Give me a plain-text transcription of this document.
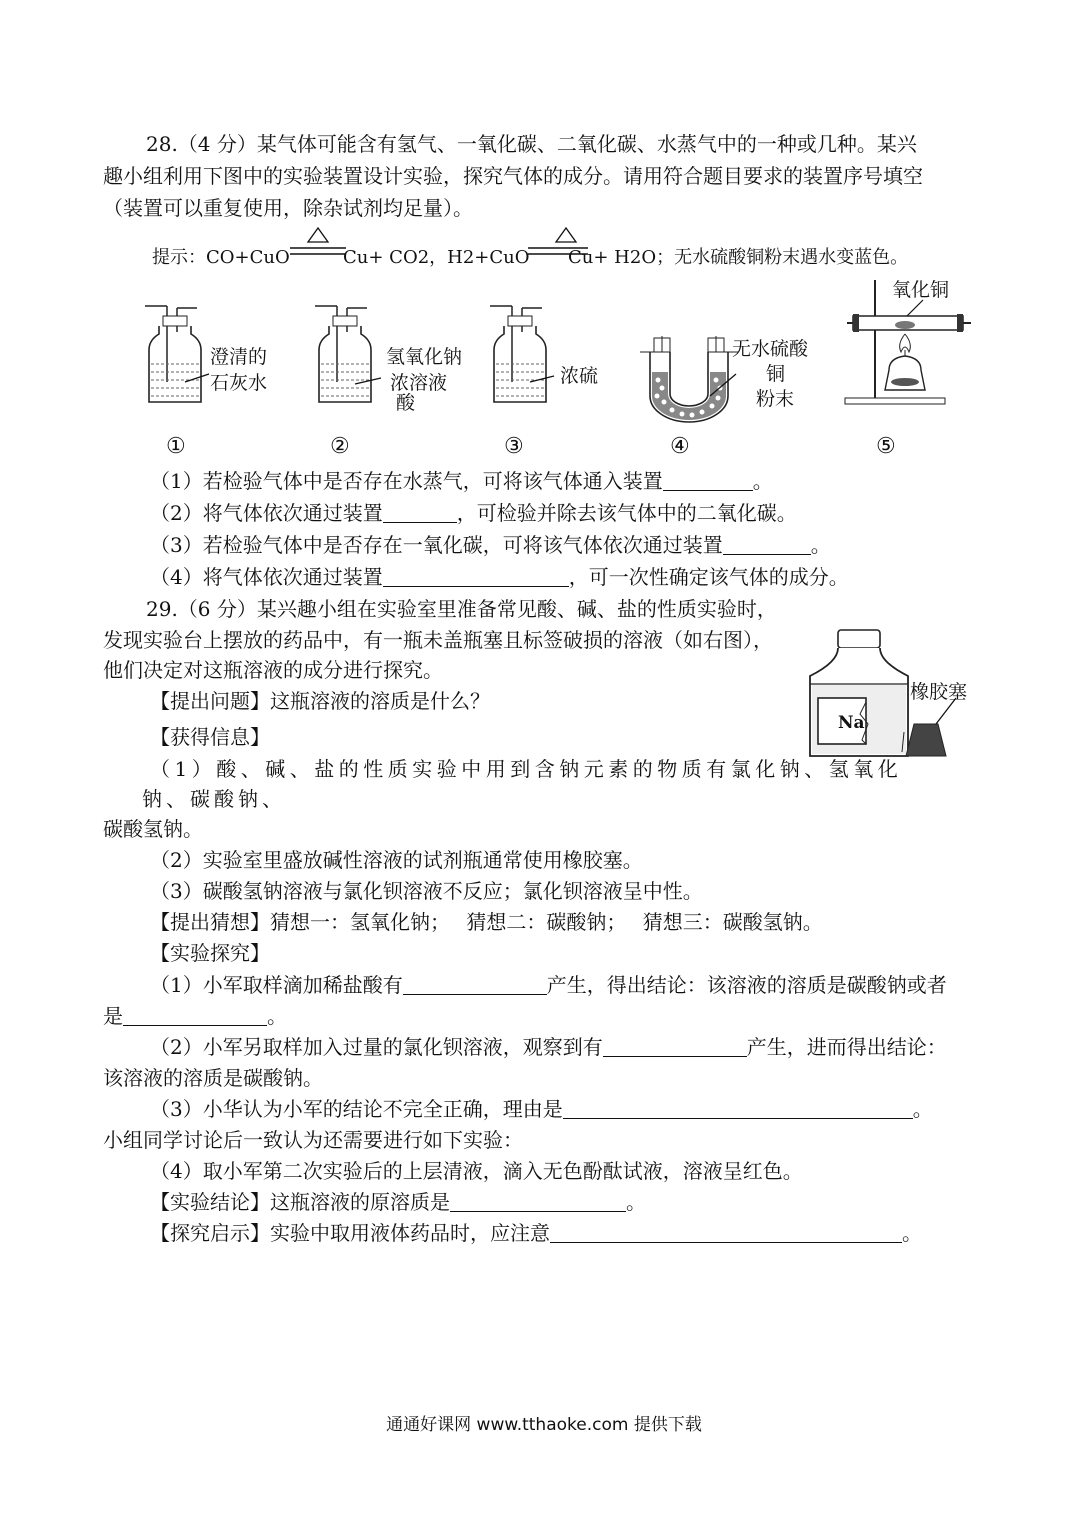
28.（4 分）某气体可能含有氢气、一氧化碳、二氧化碳、水蒸气中的一种或几种。某兴
趣小组利用下图中的实验装置设计实验，探究气体的成分。请用符合题目要求的装置序号填空
（装置可以重复使用，除杂试剂均足量）。
提示：CO+CuO	Cu+ CO2，H2+CuO Cu+ H2O；无水硫酸铜粉末遇水变蓝色。
澄清的
石灰水
氢氧化钠
浓溶液
酸
浓硫
无水硫酸
铜
粉末
氧化铜
①	②	③	④	⑤
（1）若检验气体中是否存在水蒸气，可将该气体通入装置	。
（2）将气体依次通过装置	，可检验并除去该气体中的二氧化碳。
（3）若检验气体中是否存在一氧化碳，可将该气体依次通过装置	。
（4）将气体依次通过装置	，可一次性确定该气体的成分。
29.（6 分）某兴趣小组在实验室里准备常见酸、碱、盐的性质实验时，
发现实验台上摆放的药品中，有一瓶未盖瓶塞且标签破损的溶液（如右图），
他们决定对这瓶溶液的成分进行探究。
Na
橡胶塞
【提出问题】这瓶溶液的溶质是什么？
【获得信息】
（1）酸、碱、盐的性质实验中用到含钠元素的物质有氯化钠、氢氧化
钠、碳酸钠、
碳酸氢钠。
（2）实验室里盛放碱性溶液的试剂瓶通常使用橡胶塞。
（3）碳酸氢钠溶液与氯化钡溶液不反应；氯化钡溶液呈中性。
【提出猜想】猜想一：氢氧化钠；　 猜想二：碳酸钠；　 猜想三：碳酸氢钠。
【实验探究】
（1）小军取样滴加稀盐酸有	产生，得出结论：该溶液的溶质是碳酸钠或者
是	。
（2）小军另取样加入过量的氯化钡溶液，观察到有	产生，进而得出结论：
该溶液的溶质是碳酸钠。
（3）小华认为小军的结论不完全正确，理由是	。
小组同学讨论后一致认为还需要进行如下实验：
（4）取小军第二次实验后的上层清液，滴入无色酚酞试液，溶液呈红色。
【实验结论】这瓶溶液的原溶质是	。
【探究启示】实验中取用液体药品时，应注意	。
通通好课网 www.tthaoke.com 提供下载
